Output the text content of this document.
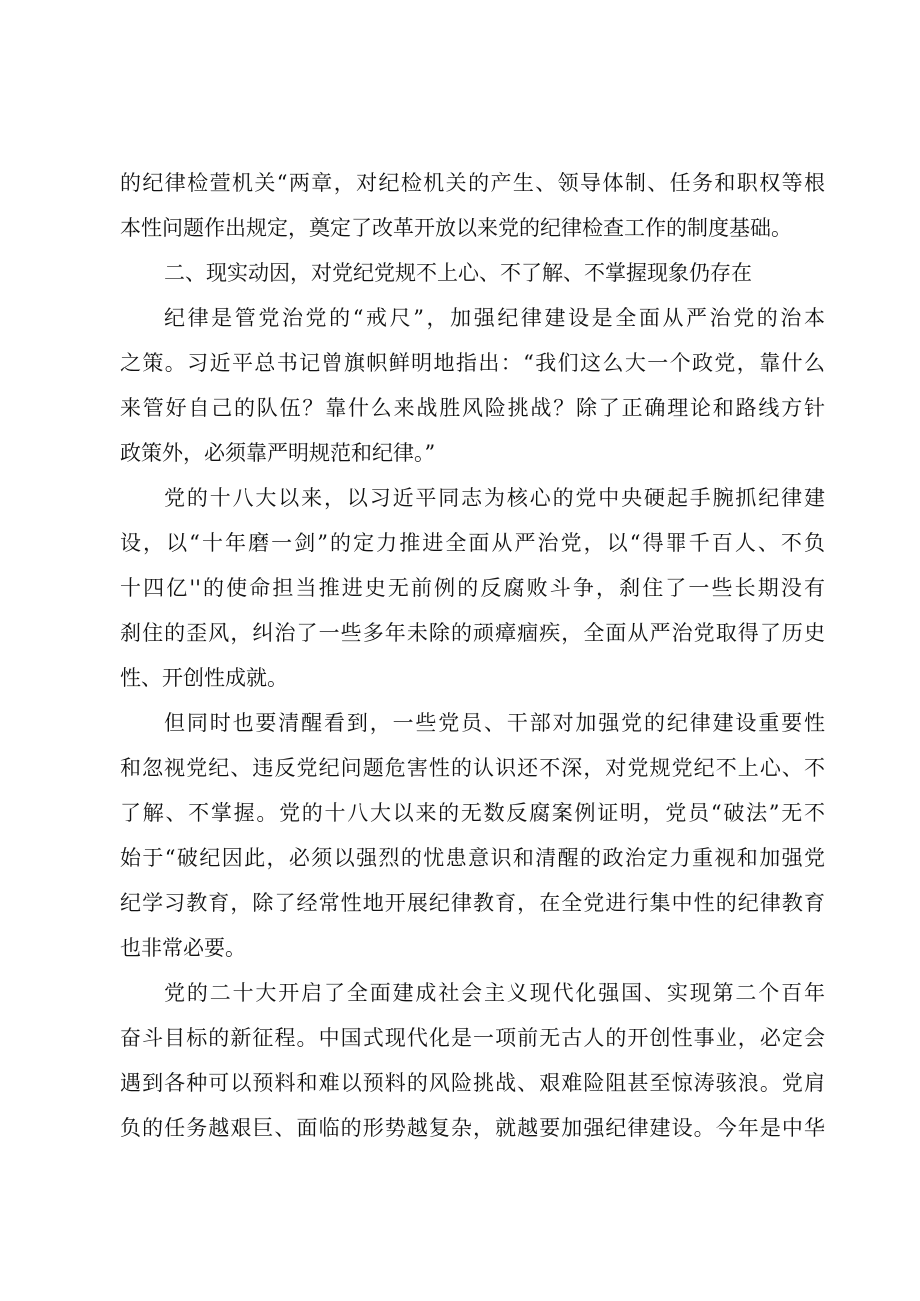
的纪律检萱机关“两章，对纪检机关的产生、领导体制、任务和职权等根
本性问题作出规定，奠定了改革开放以来党的纪律检查工作的制度基础。
二、现实动因，对党纪党规不上心、不了解、不掌握现象仍存在
纪律是管党治党的“戒尺”，加强纪律建设是全面从严治党的治本
之策。习近平总书记曾旗帜鲜明地指出：“我们这么大一个政党，靠什么
来管好自己的队伍？靠什么来战胜风险挑战？除了正确理论和路线方针
政策外，必须靠严明规范和纪律。”
党的十八大以来，以习近平同志为核心的党中央硬起手腕抓纪律建
设，以“十年磨一剑”的定力推进全面从严治党，以“得罪千百人、不负
十四亿''的使命担当推进史无前例的反腐败斗争，刹住了一些长期没有
刹住的歪风，纠治了一些多年未除的顽瘴痼疾，全面从严治党取得了历史
性、开创性成就。
但同时也要清醒看到，一些党员、干部对加强党的纪律建设重要性
和忽视党纪、违反党纪问题危害性的认识还不深，对党规党纪不上心、不
了解、不掌握。党的十八大以来的无数反腐案例证明，党员“破法”无不
始于“破纪因此，必须以强烈的忧患意识和清醒的政治定力重视和加强党
纪学习教育，除了经常性地开展纪律教育，在全党进行集中性的纪律教育
也非常必要。
党的二十大开启了全面建成社会主义现代化强国、实现第二个百年
奋斗目标的新征程。中国式现代化是一项前无古人的开创性事业，必定会
遇到各种可以预料和难以预料的风险挑战、艰难险阻甚至惊涛骇浪。党肩
负的任务越艰巨、面临的形势越复杂，就越要加强纪律建设。今年是中华
